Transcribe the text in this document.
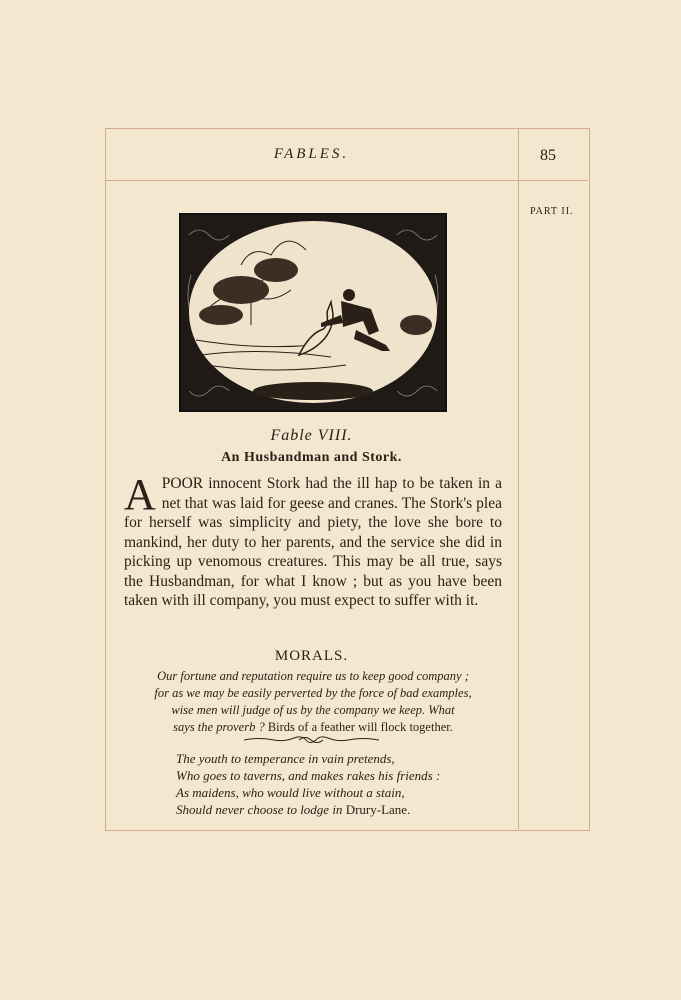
FABLES.	85
PART II.
Fable VIII.
An Husbandman and Stork.
A POOR innocent Stork had the ill hap to be taken in a net that was laid for geese and cranes. The Stork's plea for herself was simplicity and piety, the love she bore to mankind, her duty to her parents, and the service she did in picking up venomous creatures. This may be all true, says the Husbandman, for what I know ; but as you have been taken with ill company, you must expect to suffer with it.
MORALS.
Our fortune and reputation require us to keep good company ;
for as we may be easily perverted by the force of bad examples,
wise men will judge of us by the company we keep. What
says the proverb ? Birds of a feather will flock together.
The youth to temperance in vain pretends,
Who goes to taverns, and makes rakes his friends :
As maidens, who would live without a stain,
Should never choose to lodge in Drury-Lane.
